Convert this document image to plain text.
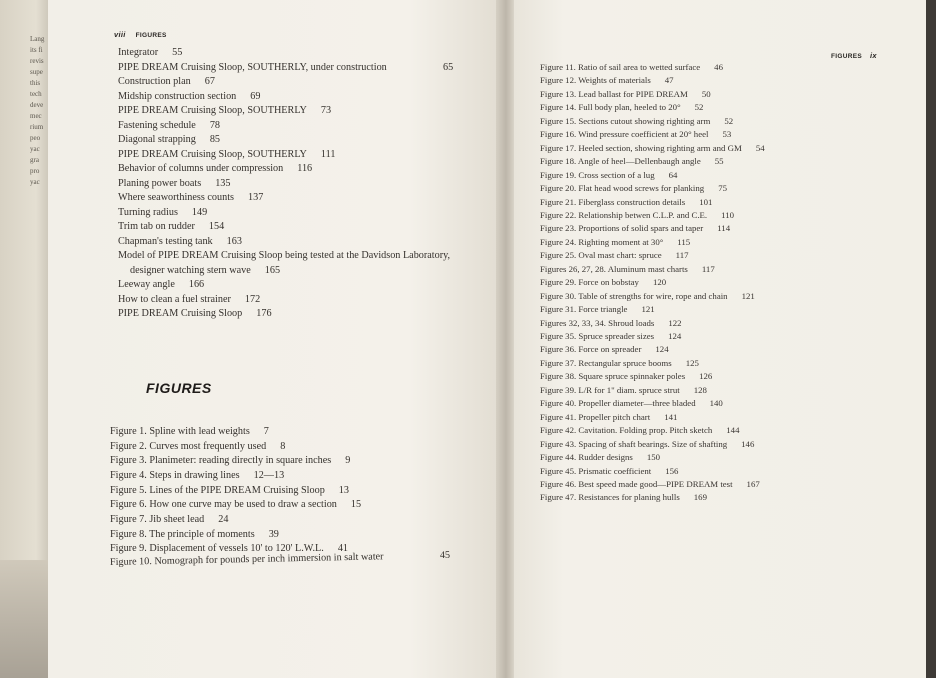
Lang
its fi
revis
supe
this
tech
deve
mec
rium
peo
yac
gra
pro
yac
viii FIGURES
Integrator 55
PIPE DREAM Cruising Sloop, SOUTHERLY, under construction	65
Construction plan 67
Midship construction section 69
PIPE DREAM Cruising Sloop, SOUTHERLY 73
Fastening schedule 78
Diagonal strapping 85
PIPE DREAM Cruising Sloop, SOUTHERLY 111
Behavior of columns under compression 116
Planing power boats 135
Where seaworthiness counts 137
Turning radius 149
Trim tab on rudder 154
Chapman's testing tank 163
Model of PIPE DREAM Cruising Sloop being tested at the Davidson Laboratory,
designer watching stern wave 165
Leeway angle 166
How to clean a fuel strainer 172
PIPE DREAM Cruising Sloop 176
FIGURES
Figure 1. Spline with lead weights 7
Figure 2. Curves most frequently used 8
Figure 3. Planimeter: reading directly in square inches 9
Figure 4. Steps in drawing lines 12—13
Figure 5. Lines of the PIPE DREAM Cruising Sloop 13
Figure 6. How one curve may be used to draw a section 15
Figure 7. Jib sheet lead 24
Figure 8. The principle of moments 39
Figure 9. Displacement of vessels 10' to 120' L.W.L. 41
Figure 10. Nomograph for pounds per inch immersion in salt water	45
FIGURES ix
Figure 11. Ratio of sail area to wetted surface 46
Figure 12. Weights of materials 47
Figure 13. Lead ballast for PIPE DREAM 50
Figure 14. Full body plan, heeled to 20° 52
Figure 15. Sections cutout showing righting arm 52
Figure 16. Wind pressure coefficient at 20° heel 53
Figure 17. Heeled section, showing righting arm and GM 54
Figure 18. Angle of heel—Dellenbaugh angle 55
Figure 19. Cross section of a lug 64
Figure 20. Flat head wood screws for planking 75
Figure 21. Fiberglass construction details 101
Figure 22. Relationship betwen C.L.P. and C.E. 110
Figure 23. Proportions of solid spars and taper 114
Figure 24. Righting moment at 30° 115
Figure 25. Oval mast chart: spruce 117
Figures 26, 27, 28. Aluminum mast charts 117
Figure 29. Force on bobstay 120
Figure 30. Table of strengths for wire, rope and chain 121
Figure 31. Force triangle 121
Figures 32, 33, 34. Shroud loads 122
Figure 35. Spruce spreader sizes 124
Figure 36. Force on spreader 124
Figure 37. Rectangular spruce booms 125
Figure 38. Square spruce spinnaker poles 126
Figure 39. L/R for 1" diam. spruce strut 128
Figure 40. Propeller diameter—three bladed 140
Figure 41. Propeller pitch chart 141
Figure 42. Cavitation. Folding prop. Pitch sketch 144
Figure 43. Spacing of shaft bearings. Size of shafting 146
Figure 44. Rudder designs 150
Figure 45. Prismatic coefficient 156
Figure 46. Best speed made good—PIPE DREAM test 167
Figure 47. Resistances for planing hulls 169
